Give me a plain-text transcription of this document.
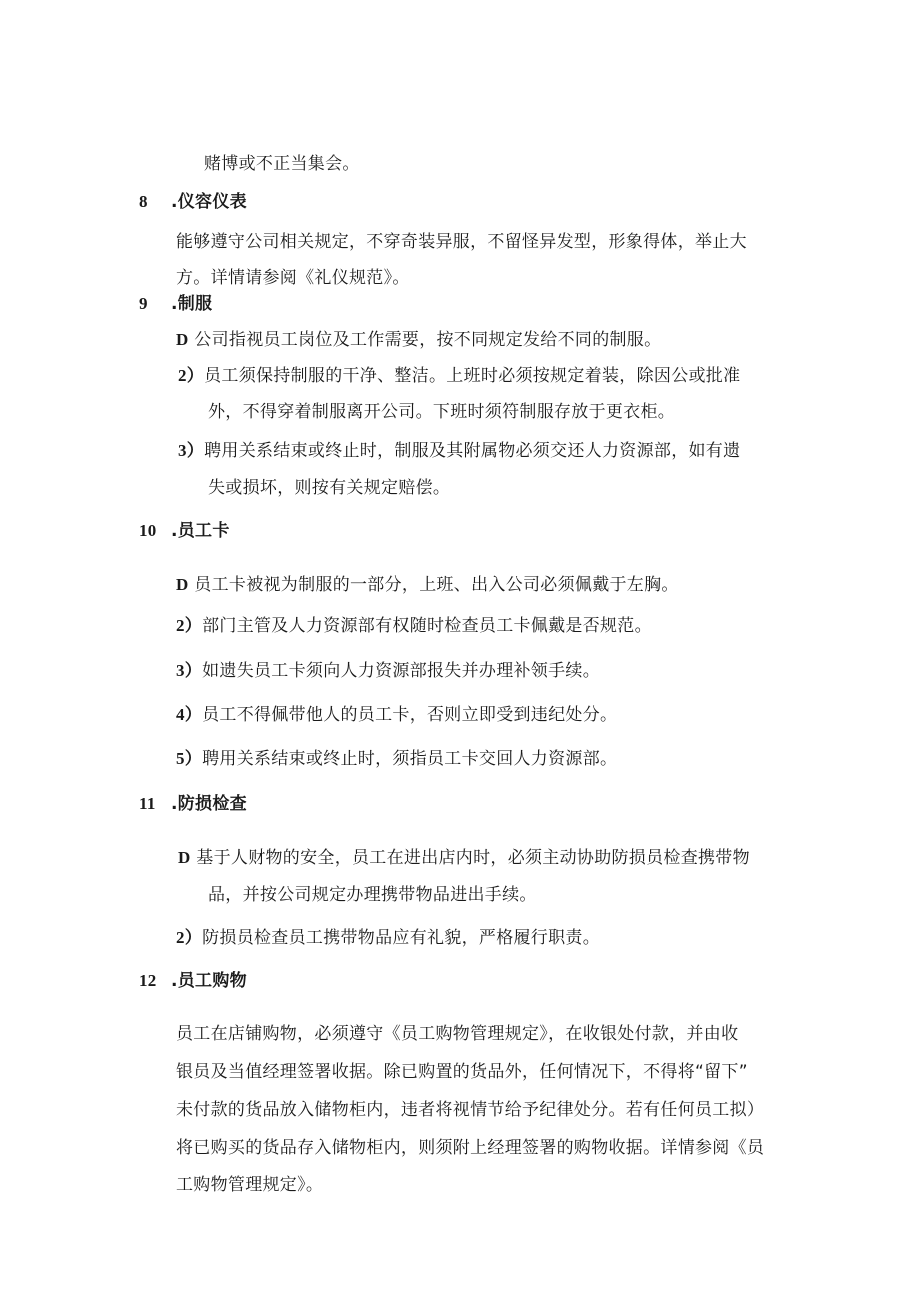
赌博或不正当集会。
8 .仪容仪表
能够遵守公司相关规定，不穿奇装异服，不留怪异发型，形象得体，举止大
方。详情请参阅《礼仪规范》。
9 .制服
D 公司指视员工岗位及工作需要，按不同规定发给不同的制服。
2）员工须保持制服的干净、整洁。上班时必须按规定着装，除因公或批准
外，不得穿着制服离开公司。下班时须符制服存放于更衣柜。
3）聘用关系结束或终止时，制服及其附属物必须交还人力资源部，如有遗
失或损坏，则按有关规定赔偿。
10 .员工卡
D 员工卡被视为制服的一部分，上班、出入公司必须佩戴于左胸。
2）部门主管及人力资源部有权随时检查员工卡佩戴是否规范。
3）如遗失员工卡须向人力资源部报失并办理补领手续。
4）员工不得佩带他人的员工卡，否则立即受到违纪处分。
5）聘用关系结束或终止时，须指员工卡交回人力资源部。
11 .防损检查
D 基于人财物的安全，员工在进出店内时，必须主动协助防损员检查携带物
品，并按公司规定办理携带物品进出手续。
2）防损员检查员工携带物品应有礼貌，严格履行职责。
12 .员工购物
员工在店铺购物，必须遵守《员工购物管理规定》，在收银处付款，并由收
银员及当值经理签署收据。除已购置的货品外，任何情况下，不得将“留下”
未付款的货品放入储物柜内，违者将视情节给予纪律处分。若有任何员工拟）
将已购买的货品存入储物柜内，则须附上经理签署的购物收据。详情参阅《员
工购物管理规定》。
